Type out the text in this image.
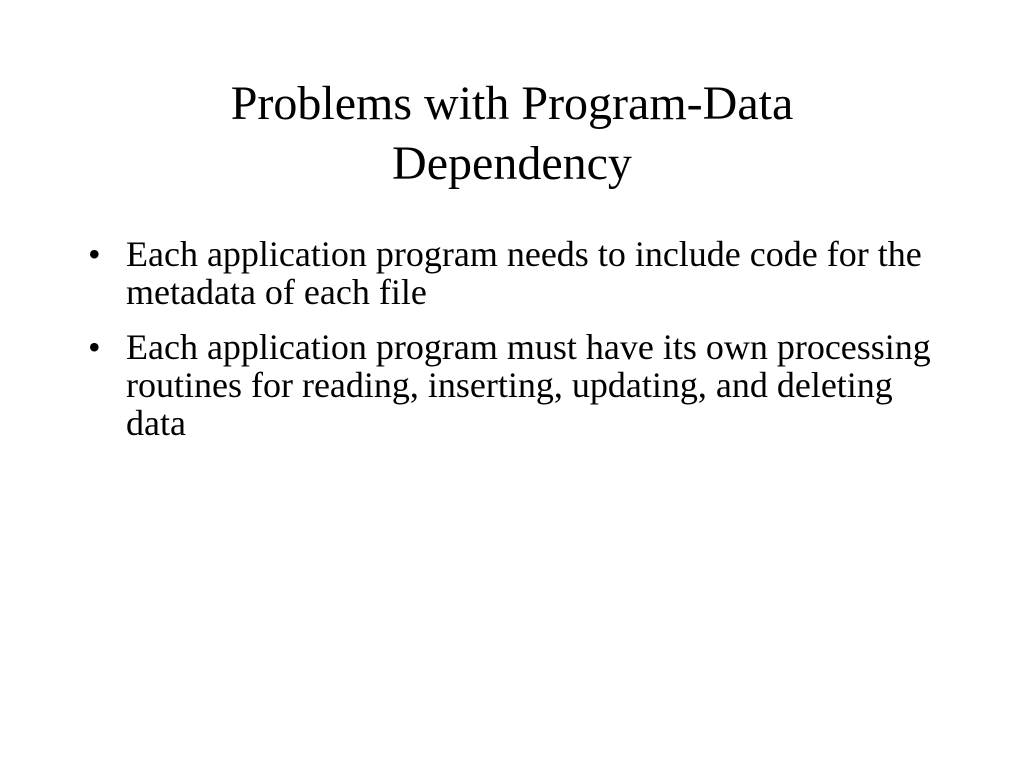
Problems with Program-Data
Dependency
• Each application program needs to include code for the metadata of each file
• Each application program must have its own processing routines for reading, inserting, updating, and deleting data
